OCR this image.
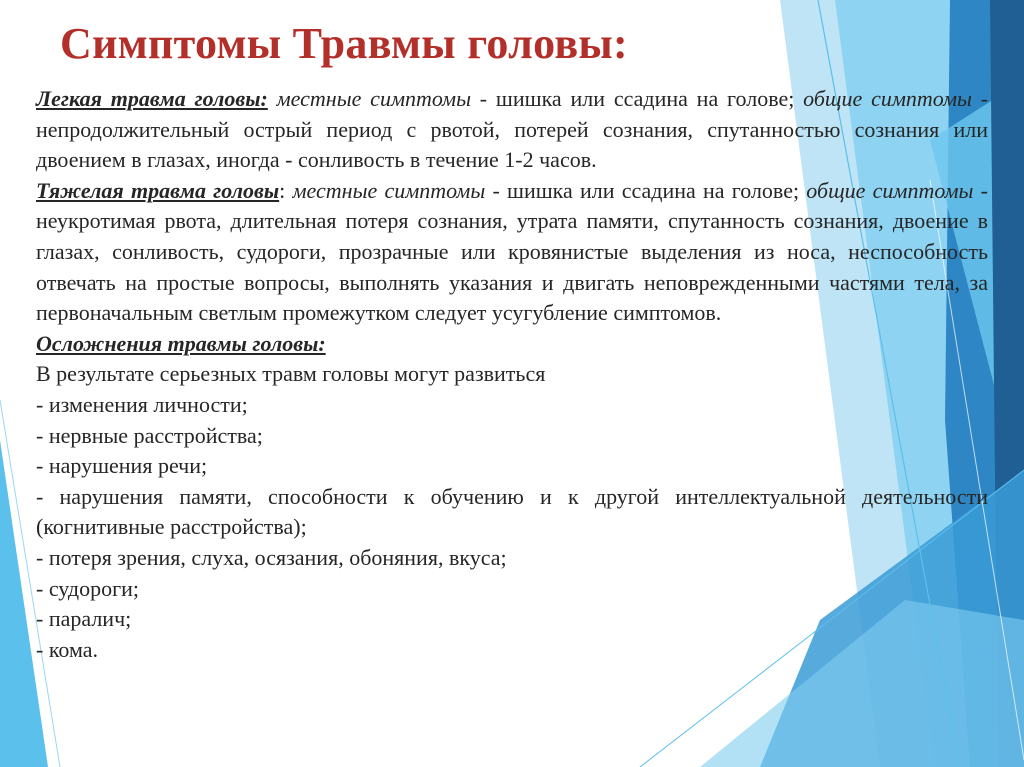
Симптомы Травмы головы:

Легкая травма головы: местные симптомы - шишка или ссадина на голове; общие симптомы - непродолжительный острый период с рвотой, потерей сознания, спутанностью сознания или двоением в глазах, иногда - сонливость в течение 1-2 часов.

Тяжелая травма головы: местные симптомы - шишка или ссадина на голове; общие симптомы - неукротимая рвота, длительная потеря сознания, утрата памяти, спутанность сознания, двоение в глазах, сонливость, судороги, прозрачные или кровянистые выделения из носа, неспособность отвечать на простые вопросы, выполнять указания и двигать неповрежденными частями тела, за первоначальным светлым промежутком следует усугубление симптомов.

Осложнения травмы головы:

В результате серьезных травм головы могут развиться

- изменения личности;
- нервные расстройства;
- нарушения речи;
- нарушения памяти, способности к обучению и к другой интеллектуальной деятельности (когнитивные расстройства);
- потеря зрения, слуха, осязания, обоняния, вкуса;
- судороги;
- паралич;
- кома.
